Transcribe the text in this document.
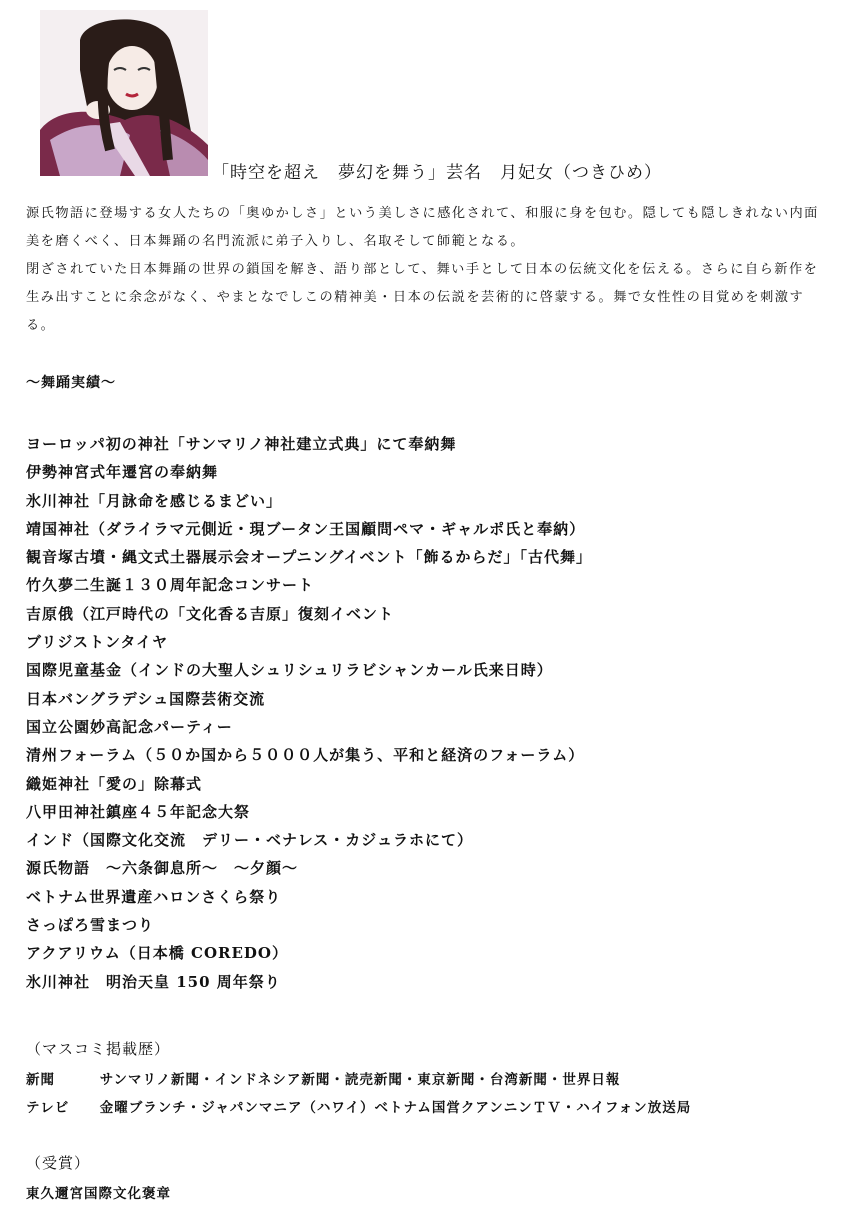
「時空を超え　夢幻を舞う」芸名　月妃女（つきひめ）

源氏物語に登場する女人たちの「奥ゆかしさ」という美しさに感化されて、和服に身を包む。隠しても隠しきれない内面美を磨くべく、日本舞踊の名門流派に弟子入りし、名取そして師範となる。

閉ざされていた日本舞踊の世界の鎖国を解き、語り部として、舞い手として日本の伝統文化を伝える。さらに自ら新作を生み出すことに余念がなく、やまとなでしこの精神美・日本の伝説を芸術的に啓蒙する。舞で女性性の目覚めを刺激する。

～舞踊実績～
ヨーロッパ初の神社「サンマリノ神社建立式典」にて奉納舞
伊勢神宮式年遷宮の奉納舞
氷川神社「月詠命を感じるまどい」
靖国神社（ダライラマ元側近・現ブータン王国顧問ペマ・ギャルポ氏と奉納）
観音塚古墳・縄文式土器展示会オープニングイベント「飾るからだ」「古代舞」
竹久夢二生誕１３０周年記念コンサート
吉原俄（江戸時代の「文化香る吉原」復刻イベント
ブリジストンタイヤ
国際児童基金（インドの大聖人シュリシュリラビシャンカール氏来日時）
日本バングラデシュ国際芸術交流
国立公園妙高記念パーティー
清州フォーラム（５０か国から５０００人が集う、平和と経済のフォーラム）
織姫神社「愛の」除幕式
八甲田神社鎮座４５年記念大祭
インド（国際文化交流　デリー・ベナレス・カジュラホにて）
源氏物語　～六条御息所～　～夕顔～
ベトナム世界遺産ハロンさくら祭り
さっぽろ雪まつり
アクアリウム（日本橋 COREDO）
氷川神社　明治天皇 150 周年祭り
（マスコミ掲載歴）
新聞	サンマリノ新聞・インドネシア新聞・読売新聞・東京新聞・台湾新聞・世界日報
テレビ 金曜ブランチ・ジャパンマニア（ハワイ）ベトナム国営クアンニンＴＶ・ハイフォン放送局
（受賞）
東久邇宮国際文化褒章
